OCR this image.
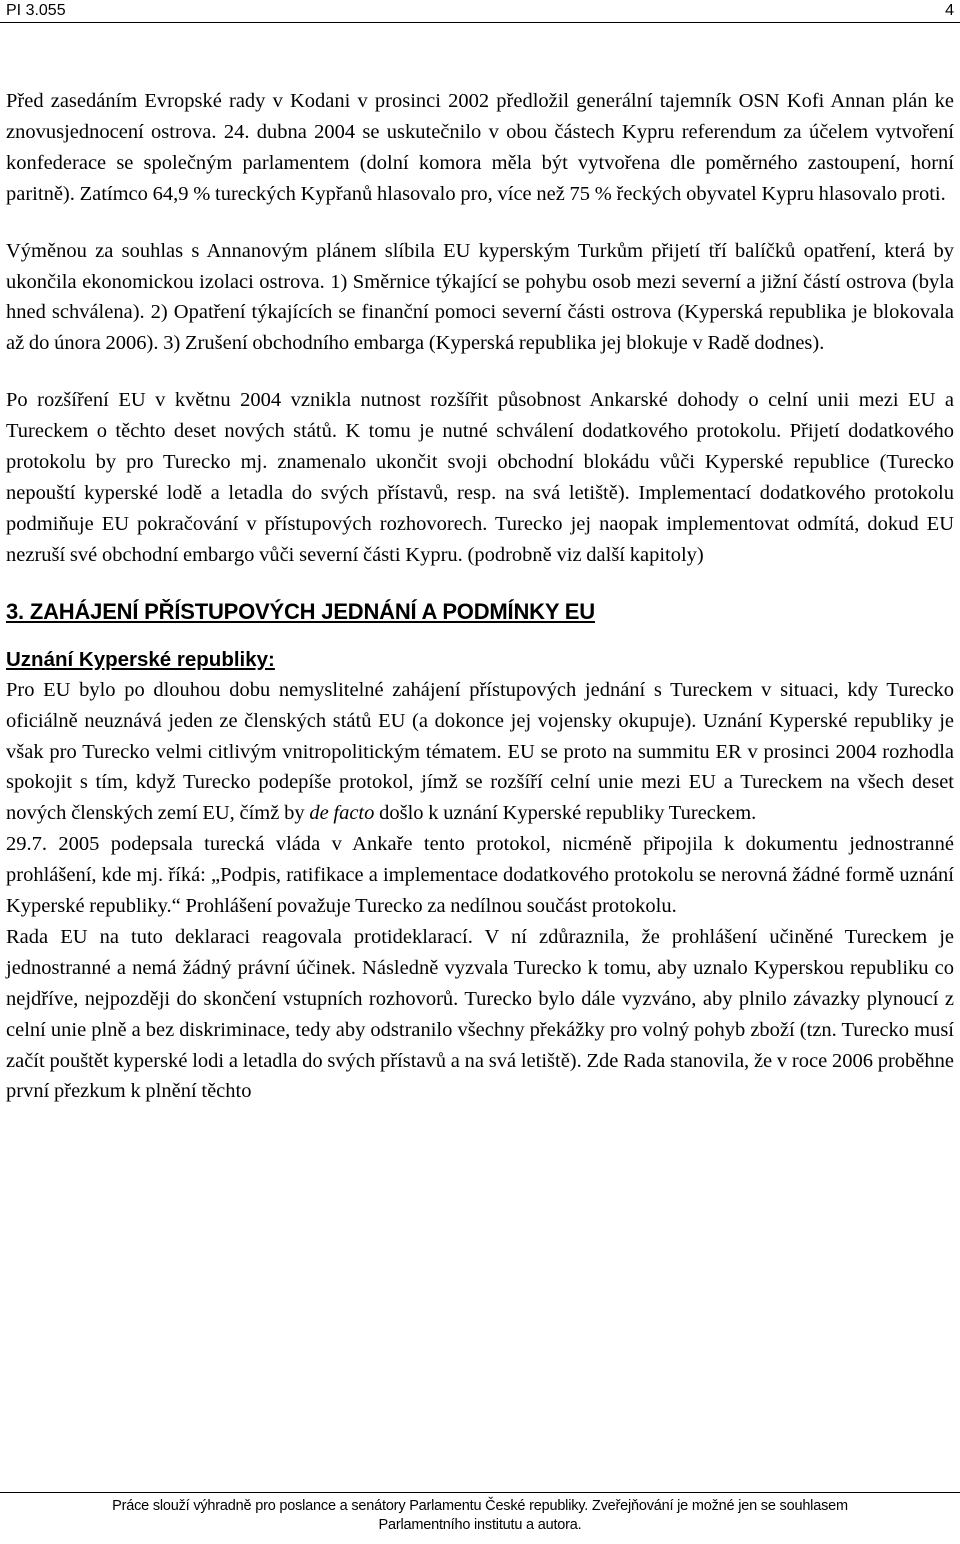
PI 3.055	4

Před zasedáním Evropské rady v Kodani v prosinci 2002 předložil generální tajemník OSN Kofi Annan plán ke znovusjednocení ostrova. 24. dubna 2004 se uskutečnilo v obou částech Kypru referendum za účelem vytvoření konfederace se společným parlamentem (dolní komora měla být vytvořena dle poměrného zastoupení, horní paritně). Zatímco 64,9 % tureckých Kypřanů hlasovalo pro, více než 75 % řeckých obyvatel Kypru hlasovalo proti.

Výměnou za souhlas s Annanovým plánem slíbila EU kyperským Turkům přijetí tří balíčků opatření, která by ukončila ekonomickou izolaci ostrova. 1) Směrnice týkající se pohybu osob mezi severní a jižní částí ostrova (byla hned schválena). 2) Opatření týkajících se finanční pomoci severní části ostrova (Kyperská republika je blokovala až do února 2006). 3) Zrušení obchodního embarga (Kyperská republika jej blokuje v Radě dodnes).

Po rozšíření EU v květnu 2004 vznikla nutnost rozšířit působnost Ankarské dohody o celní unii mezi EU a Tureckem o těchto deset nových států. K tomu je nutné schválení dodatkového protokolu. Přijetí dodatkového protokolu by pro Turecko mj. znamenalo ukončit svoji obchodní blokádu vůči Kyperské republice (Turecko nepouští kyperské lodě a letadla do svých přístavů, resp. na svá letiště). Implementací dodatkového protokolu podmiňuje EU pokračování v přístupových rozhovorech. Turecko jej naopak implementovat odmítá, dokud EU nezruší své obchodní embargo vůči severní části Kypru. (podrobně viz další kapitoly)

3. ZAHÁJENÍ PŘÍSTUPOVÝCH JEDNÁNÍ A PODMÍNKY EU
Uznání Kyperské republiky:

Pro EU bylo po dlouhou dobu nemyslitelné zahájení přístupových jednání s Tureckem v situaci, kdy Turecko oficiálně neuznává jeden ze členských států EU (a dokonce jej vojensky okupuje). Uznání Kyperské republiky je však pro Turecko velmi citlivým vnitropolitickým tématem. EU se proto na summitu ER v prosinci 2004 rozhodla spokojit s tím, když Turecko podepíše protokol, jímž se rozšíří celní unie mezi EU a Tureckem na všech deset nových členských zemí EU, čímž by de facto došlo k uznání Kyperské republiky Tureckem.

29.7. 2005 podepsala turecká vláda v Ankaře tento protokol, nicméně připojila k dokumentu jednostranné prohlášení, kde mj. říká: „Podpis, ratifikace a implementace dodatkového protokolu se nerovná žádné formě uznání Kyperské republiky.“ Prohlášení považuje Turecko za nedílnou součást protokolu.

Rada EU na tuto deklaraci reagovala protideklarací. V ní zdůraznila, že prohlášení učiněné Tureckem je jednostranné a nemá žádný právní účinek. Následně vyzvala Turecko k tomu, aby uznalo Kyperskou republiku co nejdříve, nejpozději do skončení vstupních rozhovorů. Turecko bylo dále vyzváno, aby plnilo závazky plynoucí z celní unie plně a bez diskriminace, tedy aby odstranilo všechny překážky pro volný pohyb zboží (tzn. Turecko musí začít pouštět kyperské lodi a letadla do svých přístavů a na svá letiště). Zde Rada stanovila, že v roce 2006 proběhne první přezkum k plnění těchto

Práce slouží výhradně pro poslance a senátory Parlamentu České republiky. Zveřejňování je možné jen se souhlasem
Parlamentního institutu a autora.
